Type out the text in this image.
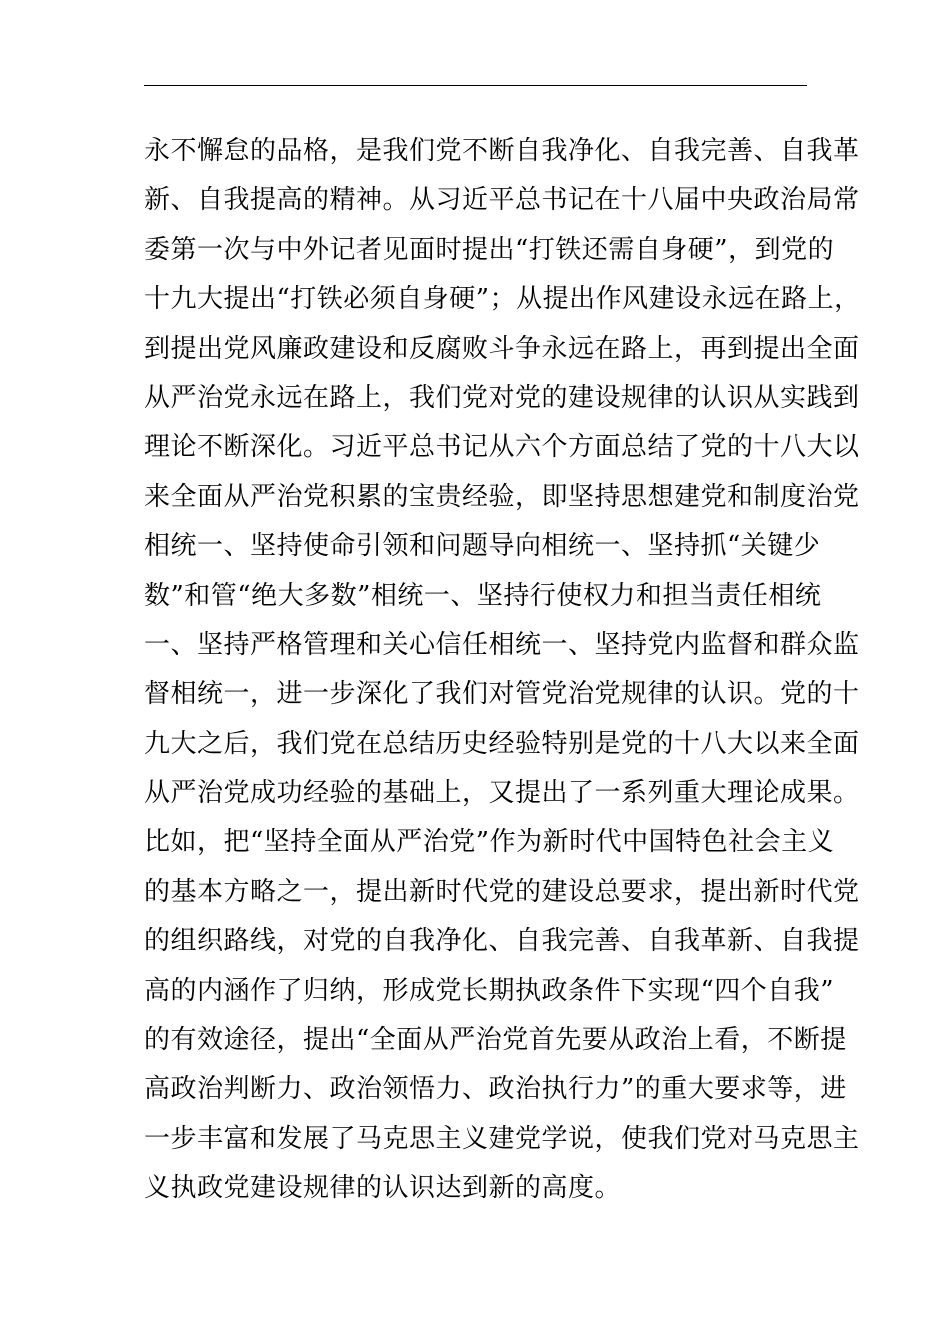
永不懈怠的品格，是我们党不断自我净化、自我完善、自我革
新、自我提高的精神。从习近平总书记在十八届中央政治局常
委第一次与中外记者见面时提出“打铁还需自身硬”，到党的
十九大提出“打铁必须自身硬”；从提出作风建设永远在路上，
到提出党风廉政建设和反腐败斗争永远在路上，再到提出全面
从严治党永远在路上，我们党对党的建设规律的认识从实践到
理论不断深化。习近平总书记从六个方面总结了党的十八大以
来全面从严治党积累的宝贵经验，即坚持思想建党和制度治党
相统一、坚持使命引领和问题导向相统一、坚持抓“关键少
数”和管“绝大多数”相统一、坚持行使权力和担当责任相统
一、坚持严格管理和关心信任相统一、坚持党内监督和群众监
督相统一，进一步深化了我们对管党治党规律的认识。党的十
九大之后，我们党在总结历史经验特别是党的十八大以来全面
从严治党成功经验的基础上，又提出了一系列重大理论成果。
比如，把“坚持全面从严治党”作为新时代中国特色社会主义
的基本方略之一，提出新时代党的建设总要求，提出新时代党
的组织路线，对党的自我净化、自我完善、自我革新、自我提
高的内涵作了归纳，形成党长期执政条件下实现“四个自我”
的有效途径，提出“全面从严治党首先要从政治上看，不断提
高政治判断力、政治领悟力、政治执行力”的重大要求等，进
一步丰富和发展了马克思主义建党学说，使我们党对马克思主
义执政党建设规律的认识达到新的高度。
